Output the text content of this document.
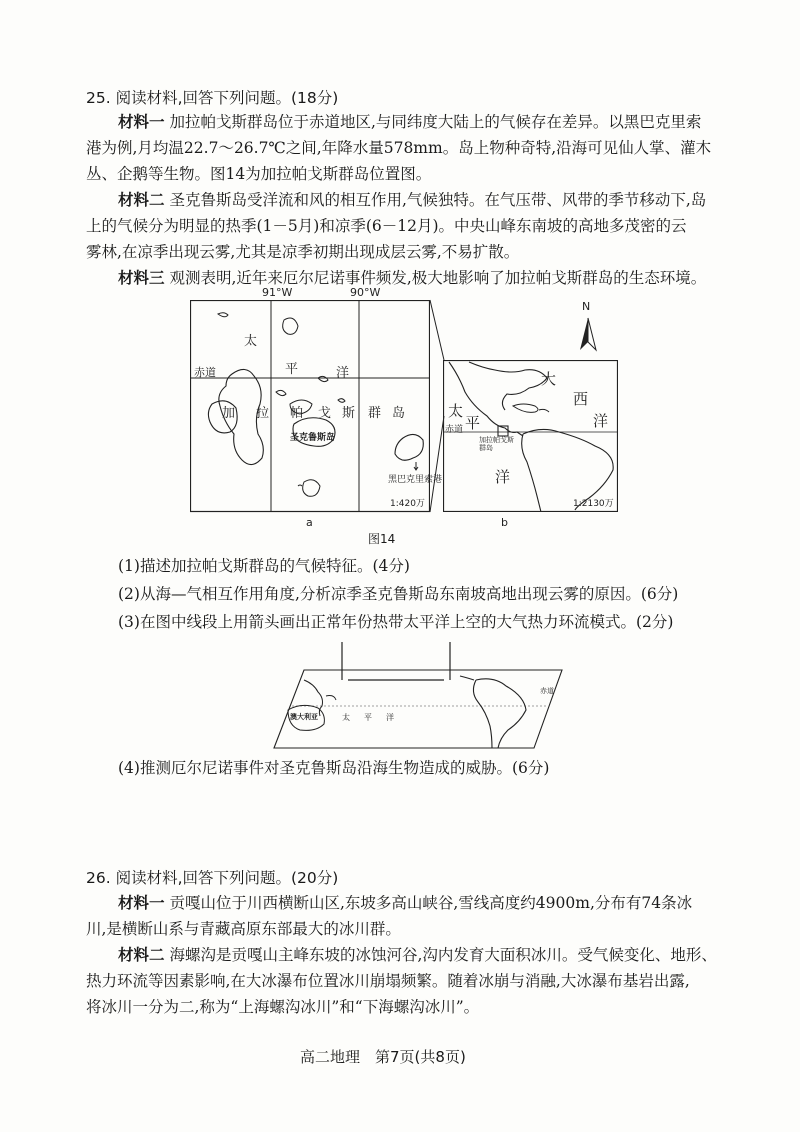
25. 阅读材料,回答下列问题。(18分)
材料一 加拉帕戈斯群岛位于赤道地区,与同纬度大陆上的气候存在差异。以黑巴克里索
港为例,月均温22.7～26.7℃之间,年降水量578mm。岛上物种奇特,沿海可见仙人掌、灌木
丛、企鹅等生物。图14为加拉帕戈斯群岛位置图。
材料二 圣克鲁斯岛受洋流和风的相互作用,气候独特。在气压带、风带的季节移动下,岛
上的气候分为明显的热季(1－5月)和凉季(6－12月)。中央山峰东南坡的高地多茂密的云
雾林,在凉季出现云雾,尤其是凉季初期出现成层云雾,不易扩散。
材料三 观测表明,近年来厄尔尼诺事件频发,极大地影响了加拉帕戈斯群岛的生态环境。
91°W	90°W
太
平	洋
赤道
加 拉 帕 戈 斯 群 岛
圣克鲁斯岛
黑巴克里索港
1:420万
a
大
西
洋
太
平
洋
赤道
加拉帕戈斯
群岛
1:2130万
b
N
图14
(1)描述加拉帕戈斯群岛的气候特征。(4分)
(2)从海—气相互作用角度,分析凉季圣克鲁斯岛东南坡高地出现云雾的原因。(6分)
(3)在图中线段上用箭头画出正常年份热带太平洋上空的大气热力环流模式。(2分)
澳大利亚	太 平 洋
赤道
(4)推测厄尔尼诺事件对圣克鲁斯岛沿海生物造成的威胁。(6分)
26. 阅读材料,回答下列问题。(20分)
材料一 贡嘎山位于川西横断山区,东坡多高山峡谷,雪线高度约4900m,分布有74条冰
川,是横断山系与青藏高原东部最大的冰川群。
材料二 海螺沟是贡嘎山主峰东坡的冰蚀河谷,沟内发育大面积冰川。受气候变化、地形、
热力环流等因素影响,在大冰瀑布位置冰川崩塌频繁。随着冰崩与消融,大冰瀑布基岩出露,
将冰川一分为二,称为“上海螺沟冰川”和“下海螺沟冰川”。
高二地理　第7页(共8页)
